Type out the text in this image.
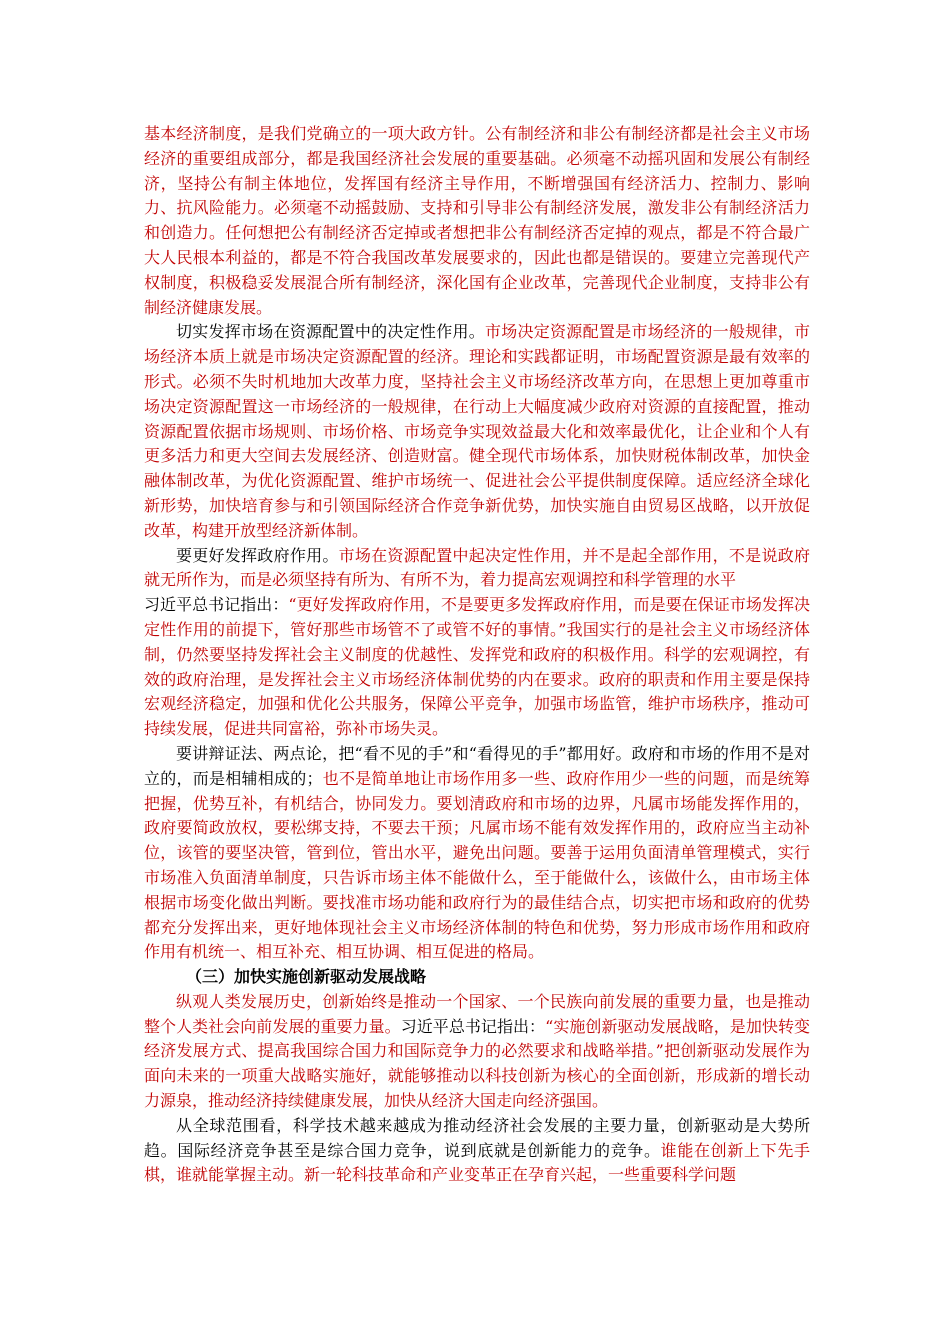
基本经济制度，是我们党确立的一项大政方针。公有制经济和非公有制经济都是社会主义市场经济的重要组成部分，都是我国经济社会发展的重要基础。必须毫不动摇巩固和发展公有制经济，坚持公有制主体地位，发挥国有经济主导作用，不断增强国有经济活力、控制力、影响力、抗风险能力。必须毫不动摇鼓励、支持和引导非公有制经济发展，激发非公有制经济活力和创造力。任何想把公有制经济否定掉或者想把非公有制经济否定掉的观点，都是不符合最广大人民根本利益的，都是不符合我国改革发展要求的，因此也都是错误的。要建立完善现代产权制度，积极稳妥发展混合所有制经济，深化国有企业改革，完善现代企业制度，支持非公有制经济健康发展。

切实发挥市场在资源配置中的决定性作用。市场决定资源配置是市场经济的一般规律，市场经济本质上就是市场决定资源配置的经济。理论和实践都证明，市场配置资源是最有效率的形式。必须不失时机地加大改革力度，坚持社会主义市场经济改革方向，在思想上更加尊重市场决定资源配置这一市场经济的一般规律，在行动上大幅度减少政府对资源的直接配置，推动资源配置依据市场规则、市场价格、市场竞争实现效益最大化和效率最优化，让企业和个人有更多活力和更大空间去发展经济、创造财富。健全现代市场体系，加快财税体制改革，加快金融体制改革，为优化资源配置、维护市场统一、促进社会公平提供制度保障。适应经济全球化新形势，加快培育参与和引领国际经济合作竞争新优势，加快实施自由贸易区战略，以开放促改革，构建开放型经济新体制。

要更好发挥政府作用。市场在资源配置中起决定性作用，并不是起全部作用，不是说政府就无所作为，而是必须坚持有所为、有所不为，着力提高宏观调控和科学管理的水平
习近平总书记指出：“更好发挥政府作用，不是要更多发挥政府作用，而是要在保证市场发挥决定性作用的前提下，管好那些市场管不了或管不好的事情。”我国实行的是社会主义市场经济体制，仍然要坚持发挥社会主义制度的优越性、发挥党和政府的积极作用。科学的宏观调控，有效的政府治理，是发挥社会主义市场经济体制优势的内在要求。政府的职责和作用主要是保持宏观经济稳定，加强和优化公共服务，保障公平竞争，加强市场监管，维护市场秩序，推动可持续发展，促进共同富裕，弥补市场失灵。

要讲辩证法、两点论，把“看不见的手”和“看得见的手”都用好。政府和市场的作用不是对立的，而是相辅相成的；也不是简单地让市场作用多一些、政府作用少一些的问题，而是统筹把握，优势互补，有机结合，协同发力。要划清政府和市场的边界，凡属市场能发挥作用的，政府要简政放权，要松绑支持，不要去干预；凡属市场不能有效发挥作用的，政府应当主动补位，该管的要坚决管，管到位，管出水平，避免出问题。要善于运用负面清单管理模式，实行市场准入负面清单制度，只告诉市场主体不能做什么，至于能做什么，该做什么，由市场主体根据市场变化做出判断。要找准市场功能和政府行为的最佳结合点，切实把市场和政府的优势都充分发挥出来，更好地体现社会主义市场经济体制的特色和优势，努力形成市场作用和政府作用有机统一、相互补充、相互协调、相互促进的格局。

（三）加快实施创新驱动发展战略

纵观人类发展历史，创新始终是推动一个国家、一个民族向前发展的重要力量，也是推动整个人类社会向前发展的重要力量。习近平总书记指出：“实施创新驱动发展战略，是加快转变经济发展方式、提高我国综合国力和国际竞争力的必然要求和战略举措。”把创新驱动发展作为面向未来的一项重大战略实施好，就能够推动以科技创新为核心的全面创新，形成新的增长动力源泉，推动经济持续健康发展，加快从经济大国走向经济强国。

从全球范围看，科学技术越来越成为推动经济社会发展的主要力量，创新驱动是大势所趋。国际经济竞争甚至是综合国力竞争，说到底就是创新能力的竞争。谁能在创新上下先手棋，谁就能掌握主动。新一轮科技革命和产业变革正在孕育兴起，一些重要科学问题
